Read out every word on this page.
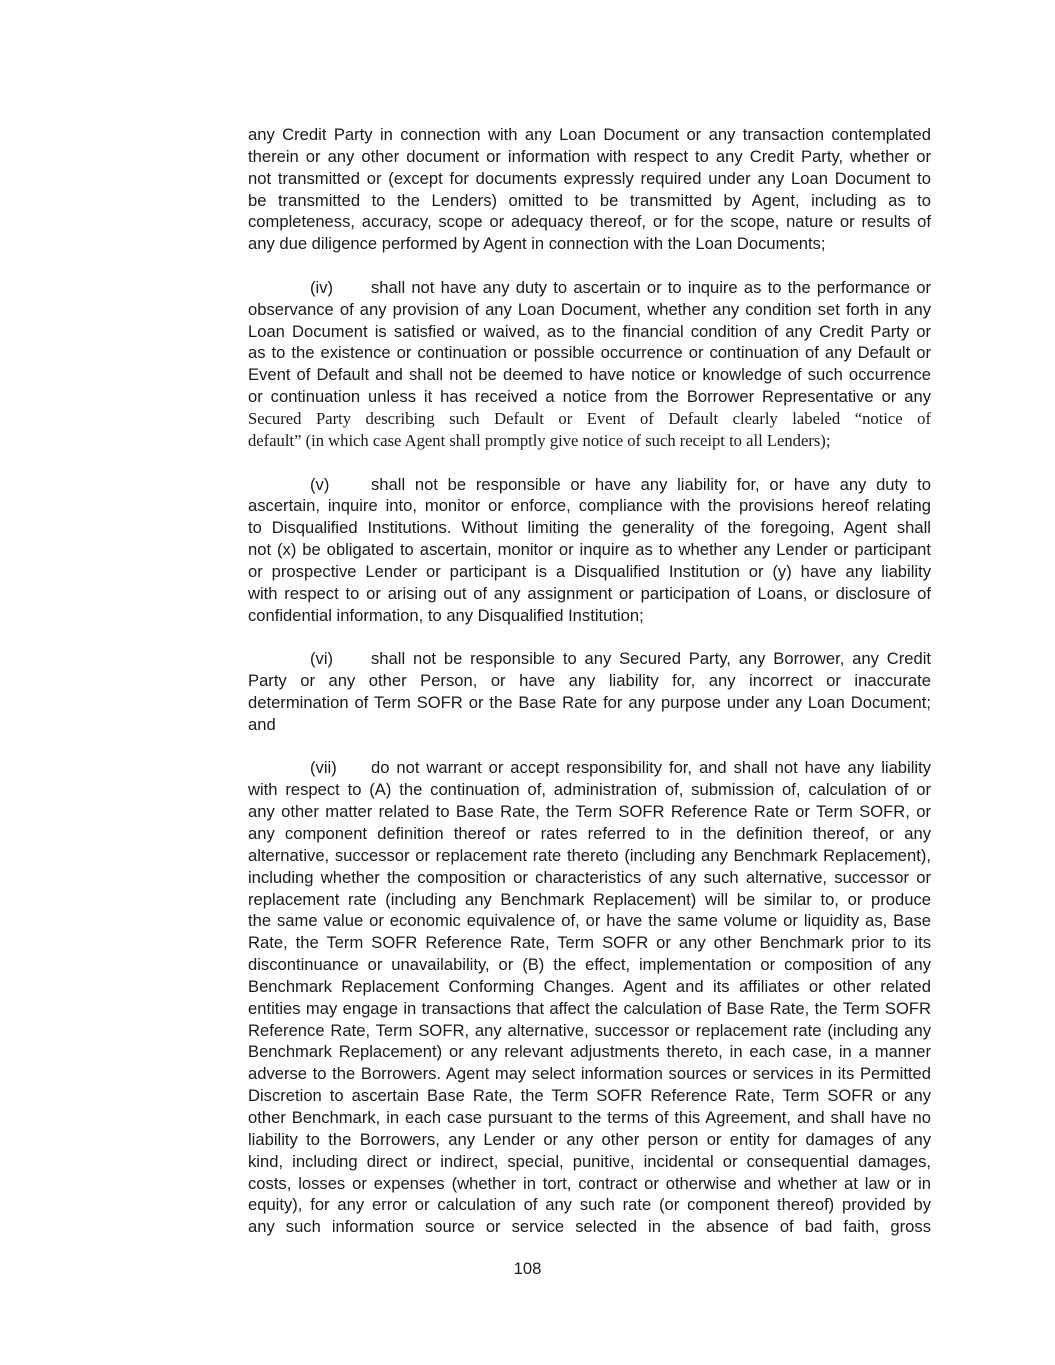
any Credit Party in connection with any Loan Document or any transaction contemplated
therein or any other document or information with respect to any Credit Party, whether or
not transmitted or (except for documents expressly required under any Loan Document to
be transmitted to the Lenders) omitted to be transmitted by Agent, including as to
completeness, accuracy, scope or adequacy thereof, or for the scope, nature or results of
any due diligence performed by Agent in connection with the Loan Documents;
(iv) shall not have any duty to ascertain or to inquire as to the performance or
observance of any provision of any Loan Document, whether any condition set forth in any
Loan Document is satisfied or waived, as to the financial condition of any Credit Party or
as to the existence or continuation or possible occurrence or continuation of any Default or
Event of Default and shall not be deemed to have notice or knowledge of such occurrence
or continuation unless it has received a notice from the Borrower Representative or any
Secured Party describing such Default or Event of Default clearly labeled “notice of
default” (in which case Agent shall promptly give notice of such receipt to all Lenders);
(v)	shall not be responsible or have any liability for, or have any duty to
ascertain, inquire into, monitor or enforce, compliance with the provisions hereof relating
to Disqualified Institutions. Without limiting the generality of the foregoing, Agent shall
not (x) be obligated to ascertain, monitor or inquire as to whether any Lender or participant
or prospective Lender or participant is a Disqualified Institution or (y) have any liability
with respect to or arising out of any assignment or participation of Loans, or disclosure of
confidential information, to any Disqualified Institution;
(vi) shall not be responsible to any Secured Party, any Borrower, any Credit
Party or any other Person, or have any liability for, any incorrect or inaccurate
determination of Term SOFR or the Base Rate for any purpose under any Loan Document;
and
(vii) do not warrant or accept responsibility for, and shall not have any liability
with respect to (A) the continuation of, administration of, submission of, calculation of or
any other matter related to Base Rate, the Term SOFR Reference Rate or Term SOFR, or
any component definition thereof or rates referred to in the definition thereof, or any
alternative, successor or replacement rate thereto (including any Benchmark Replacement),
including whether the composition or characteristics of any such alternative, successor or
replacement rate (including any Benchmark Replacement) will be similar to, or produce
the same value or economic equivalence of, or have the same volume or liquidity as, Base
Rate, the Term SOFR Reference Rate, Term SOFR or any other Benchmark prior to its
discontinuance or unavailability, or (B) the effect, implementation or composition of any
Benchmark Replacement Conforming Changes. Agent and its affiliates or other related
entities may engage in transactions that affect the calculation of Base Rate, the Term SOFR
Reference Rate, Term SOFR, any alternative, successor or replacement rate (including any
Benchmark Replacement) or any relevant adjustments thereto, in each case, in a manner
adverse to the Borrowers. Agent may select information sources or services in its Permitted
Discretion to ascertain Base Rate, the Term SOFR Reference Rate, Term SOFR or any
other Benchmark, in each case pursuant to the terms of this Agreement, and shall have no
liability to the Borrowers, any Lender or any other person or entity for damages of any
kind, including direct or indirect, special, punitive, incidental or consequential damages,
costs, losses or expenses (whether in tort, contract or otherwise and whether at law or in
equity), for any error or calculation of any such rate (or component thereof) provided by
any such information source or service selected in the absence of bad faith, gross
108
